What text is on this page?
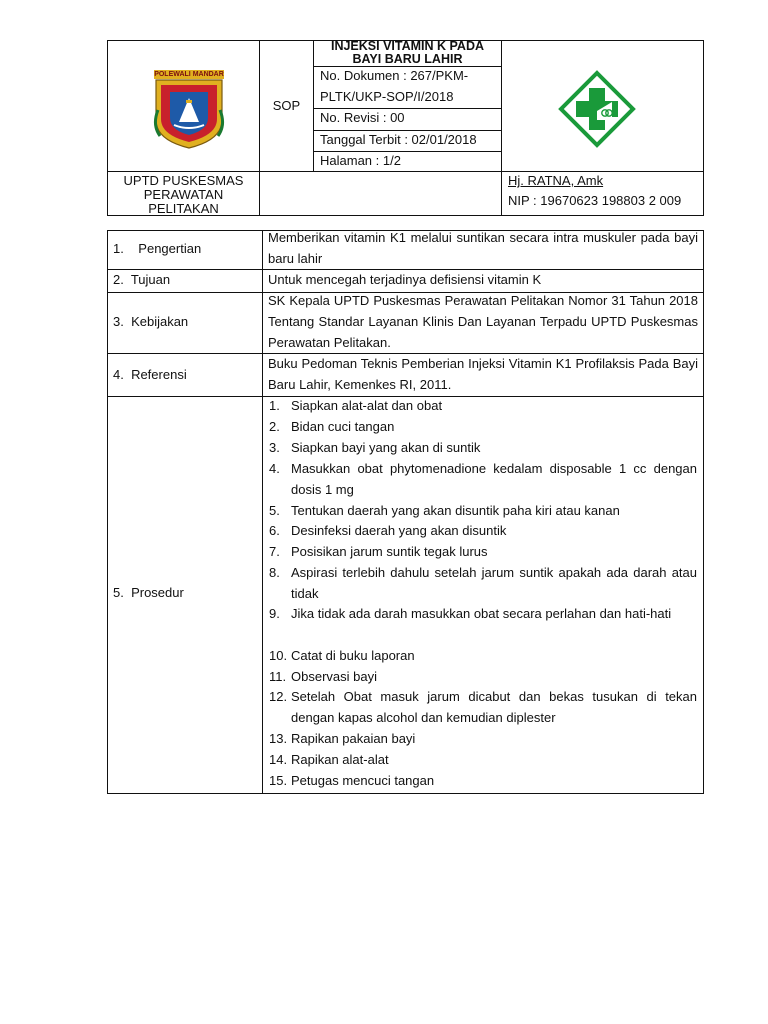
POLEWALI MANDAR
SOP
INJEKSI VITAMIN K PADA
BAYI BARU LAHIR
No. Dokumen : 267/PKM-
PLTK/UKP-SOP/I/2018
No. Revisi : 00
Tanggal Terbit : 02/01/2018
Halaman : 1/2
UPTD PUSKESMAS
PERAWATAN
PELITAKAN
Hj. RATNA, Amk
NIP : 19670623 198803 2 009
1.    Pengertian
Memberikan vitamin K1 melalui suntikan secara intra muskuler pada bayi baru lahir
2.  Tujuan	Untuk mencegah terjadinya defisiensi vitamin K
3.  Kebijakan
SK Kepala UPTD Puskesmas Perawatan Pelitakan Nomor 31 Tahun 2018 Tentang Standar Layanan Klinis Dan Layanan Terpadu UPTD Puskesmas Perawatan Pelitakan.
4.  Referensi
Buku Pedoman Teknis Pemberian Injeksi Vitamin K1 Profilaksis Pada Bayi Baru Lahir, Kemenkes RI, 2011.
5.  Prosedur
1. Siapkan alat-alat dan obat
2. Bidan cuci tangan
3. Siapkan bayi yang akan di suntik
4. Masukkan obat phytomenadione kedalam disposable 1 cc dengan dosis 1 mg
5. Tentukan daerah yang akan disuntik paha kiri atau kanan
6. Desinfeksi daerah yang akan disuntik
7. Posisikan jarum suntik tegak lurus
8. Aspirasi terlebih dahulu setelah jarum suntik apakah ada darah atau tidak
9. Jika tidak ada darah masukkan obat secara perlahan dan hati-hati
10. Catat di buku laporan
11. Observasi bayi
12. Setelah Obat masuk jarum dicabut dan bekas tusukan di tekan dengan kapas alcohol dan kemudian diplester
13. Rapikan pakaian bayi
14. Rapikan alat-alat
15. Petugas mencuci tangan
